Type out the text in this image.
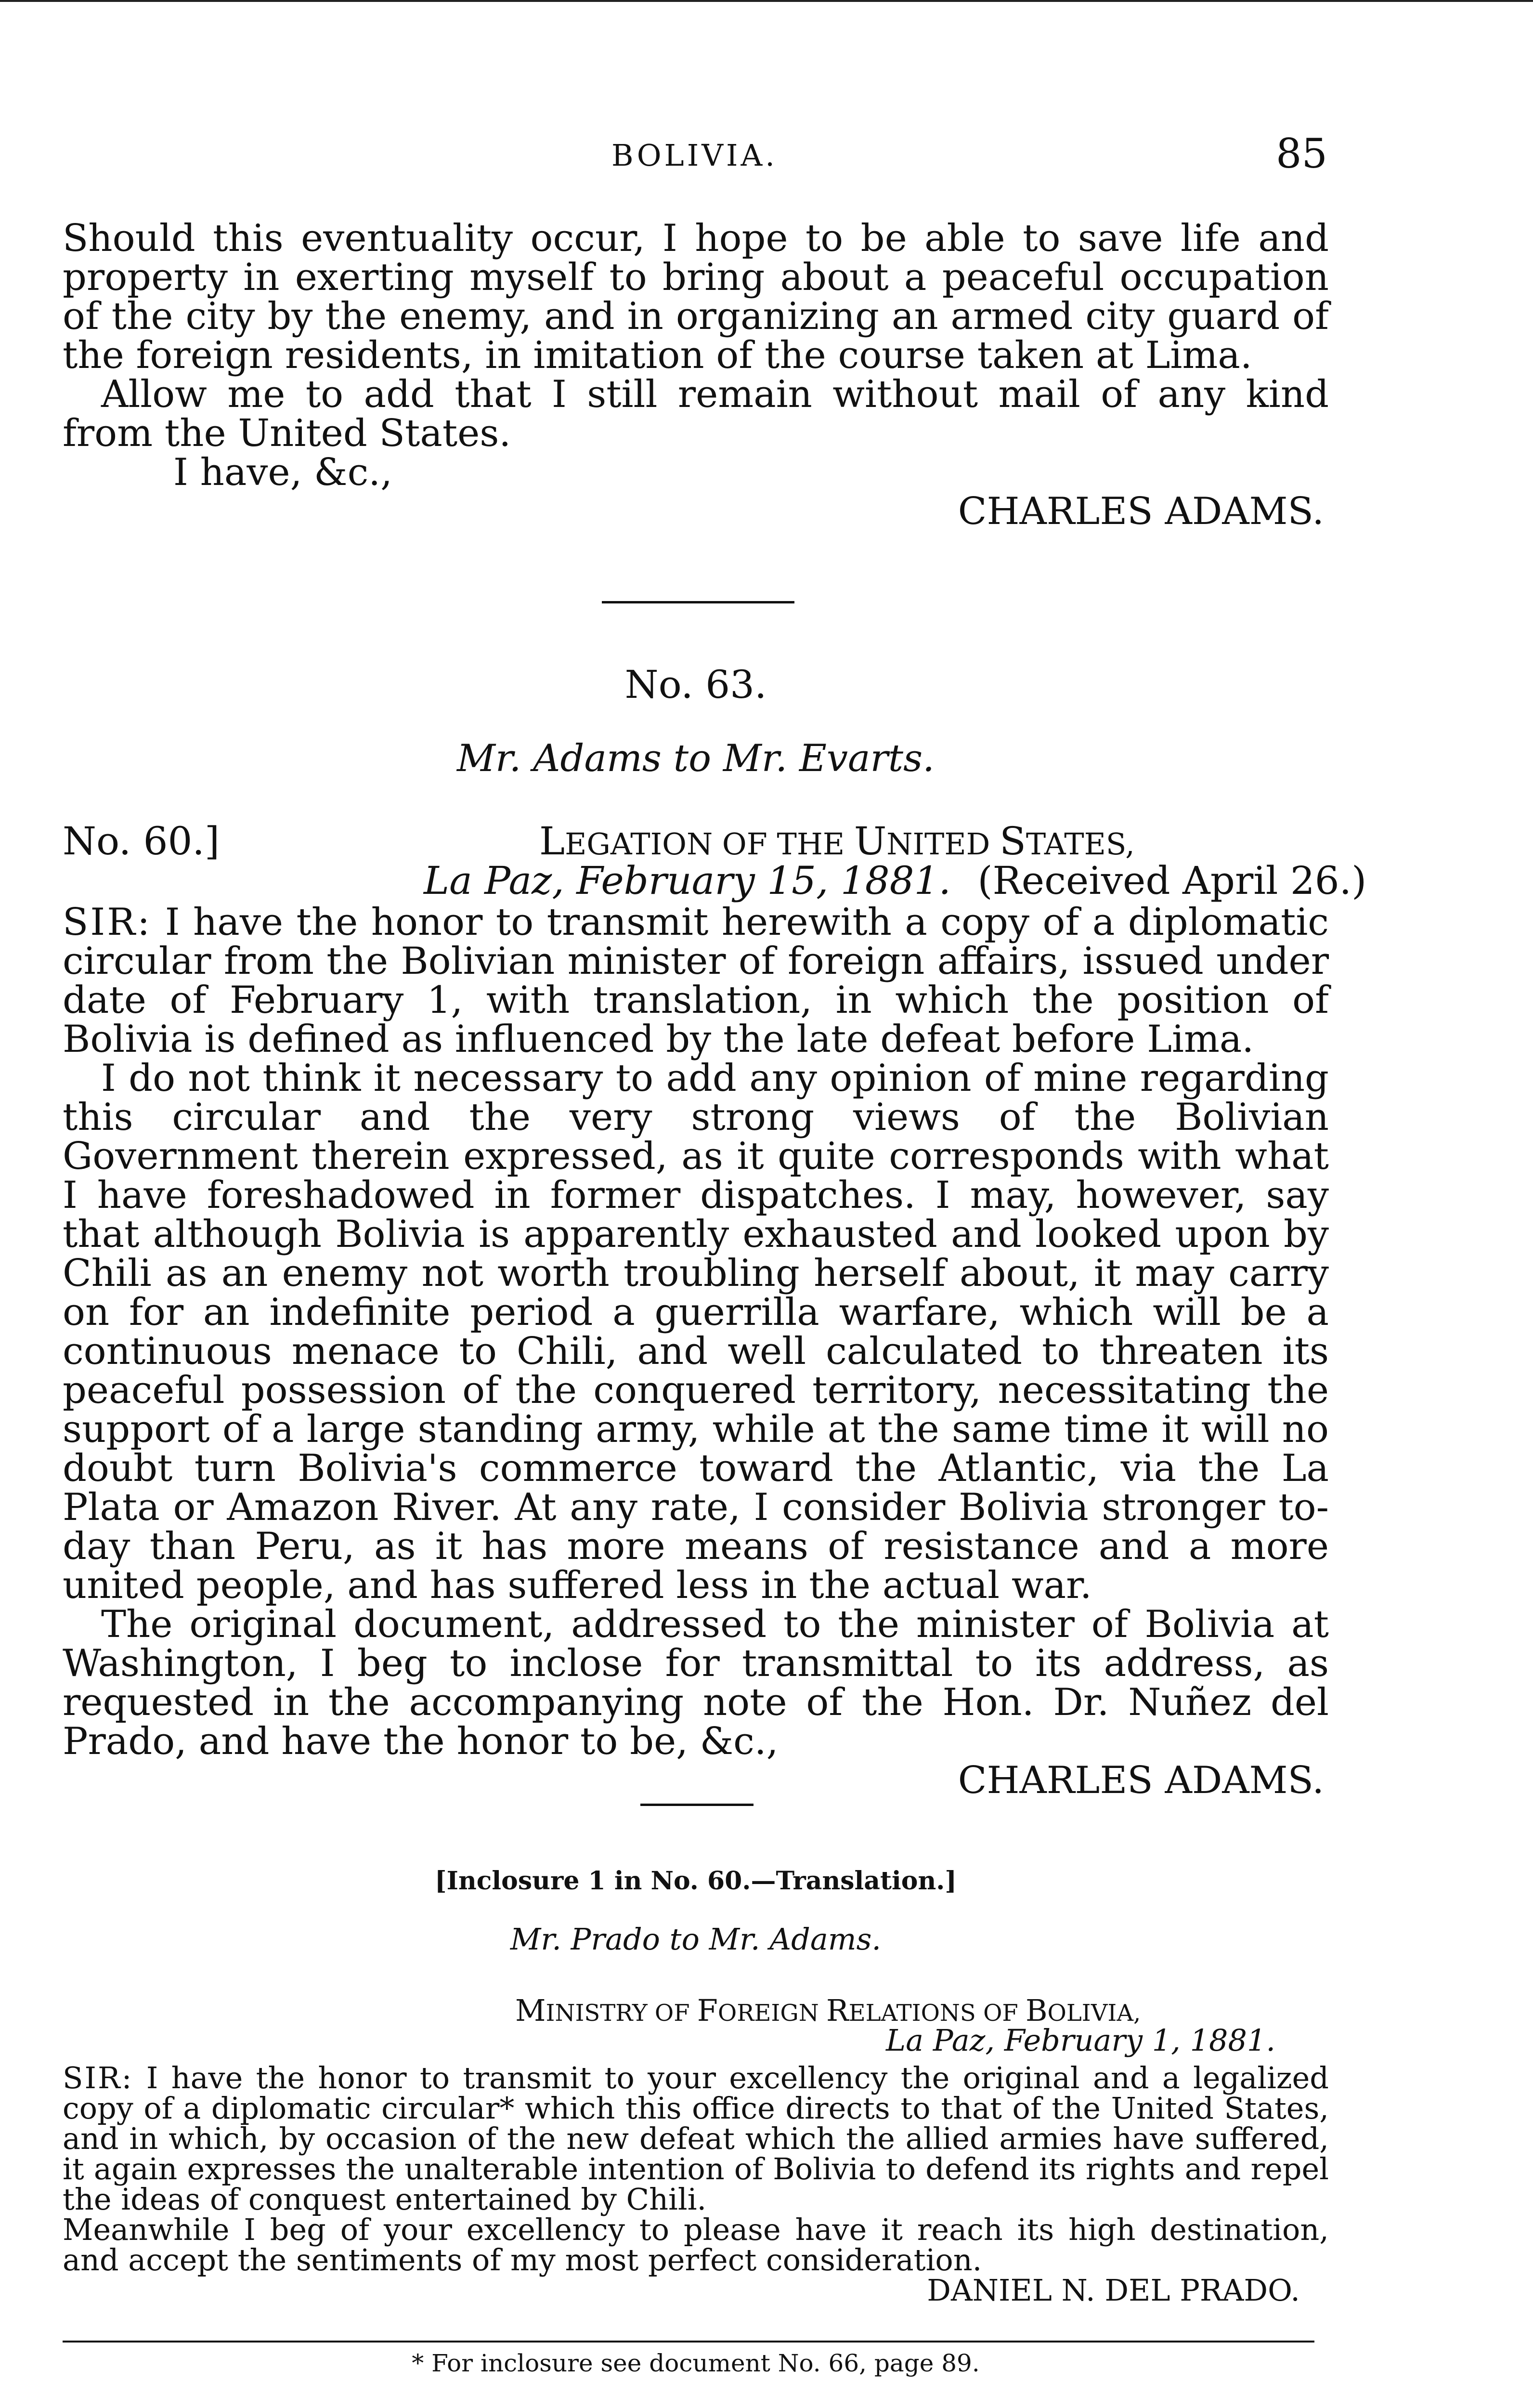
BOLIVIA.	85

Should this eventuality occur, I hope to be able to save life and property in exerting myself to bring about a peaceful occupation of the city by the enemy, and in organizing an armed city guard of the foreign residents, in imitation of the course taken at Lima.

Allow me to add that I still remain without mail of any kind from the United States.

I have, &c.,

CHARLES ADAMS.

No. 63.
Mr. Adams to Mr. Evarts.
No. 60.]	LEGATION OF THE UNITED STATES,
La Paz, February 15, 1881. (Received April 26.)

SIR: I have the honor to transmit herewith a copy of a diplomatic circular from the Bolivian minister of foreign affairs, issued under date of February 1, with translation, in which the position of Bolivia is defined as influenced by the late defeat before Lima.

I do not think it necessary to add any opinion of mine regarding this circular and the very strong views of the Bolivian Government therein expressed, as it quite corresponds with what I have foreshadowed in former dispatches. I may, however, say that although Bolivia is apparently exhausted and looked upon by Chili as an enemy not worth troubling herself about, it may carry on for an indefinite period a guerrilla warfare, which will be a continuous menace to Chili, and well calculated to threaten its peaceful possession of the conquered territory, necessitating the support of a large standing army, while at the same time it will no doubt turn Bolivia's commerce toward the Atlantic, via the La Plata or Amazon River. At any rate, I consider Bolivia stronger to-day than Peru, as it has more means of resistance and a more united people, and has suffered less in the actual war.

The original document, addressed to the minister of Bolivia at Washington, I beg to inclose for transmittal to its address, as requested in the accompanying note of the Hon. Dr. Nuñez del Prado, and have the honor to be, &c.,

CHARLES ADAMS.

[Inclosure 1 in No. 60.—Translation.]
Mr. Prado to Mr. Adams.
MINISTRY OF FOREIGN RELATIONS OF BOLIVIA,
La Paz, February 1, 1881.

SIR: I have the honor to transmit to your excellency the original and a legalized copy of a diplomatic circular* which this office directs to that of the United States, and in which, by occasion of the new defeat which the allied armies have suffered, it again expresses the unalterable intention of Bolivia to defend its rights and repel the ideas of conquest entertained by Chili.

Meanwhile I beg of your excellency to please have it reach its high destination, and accept the sentiments of my most perfect consideration.

DANIEL N. DEL PRADO.

* For inclosure see document No. 66, page 89.
